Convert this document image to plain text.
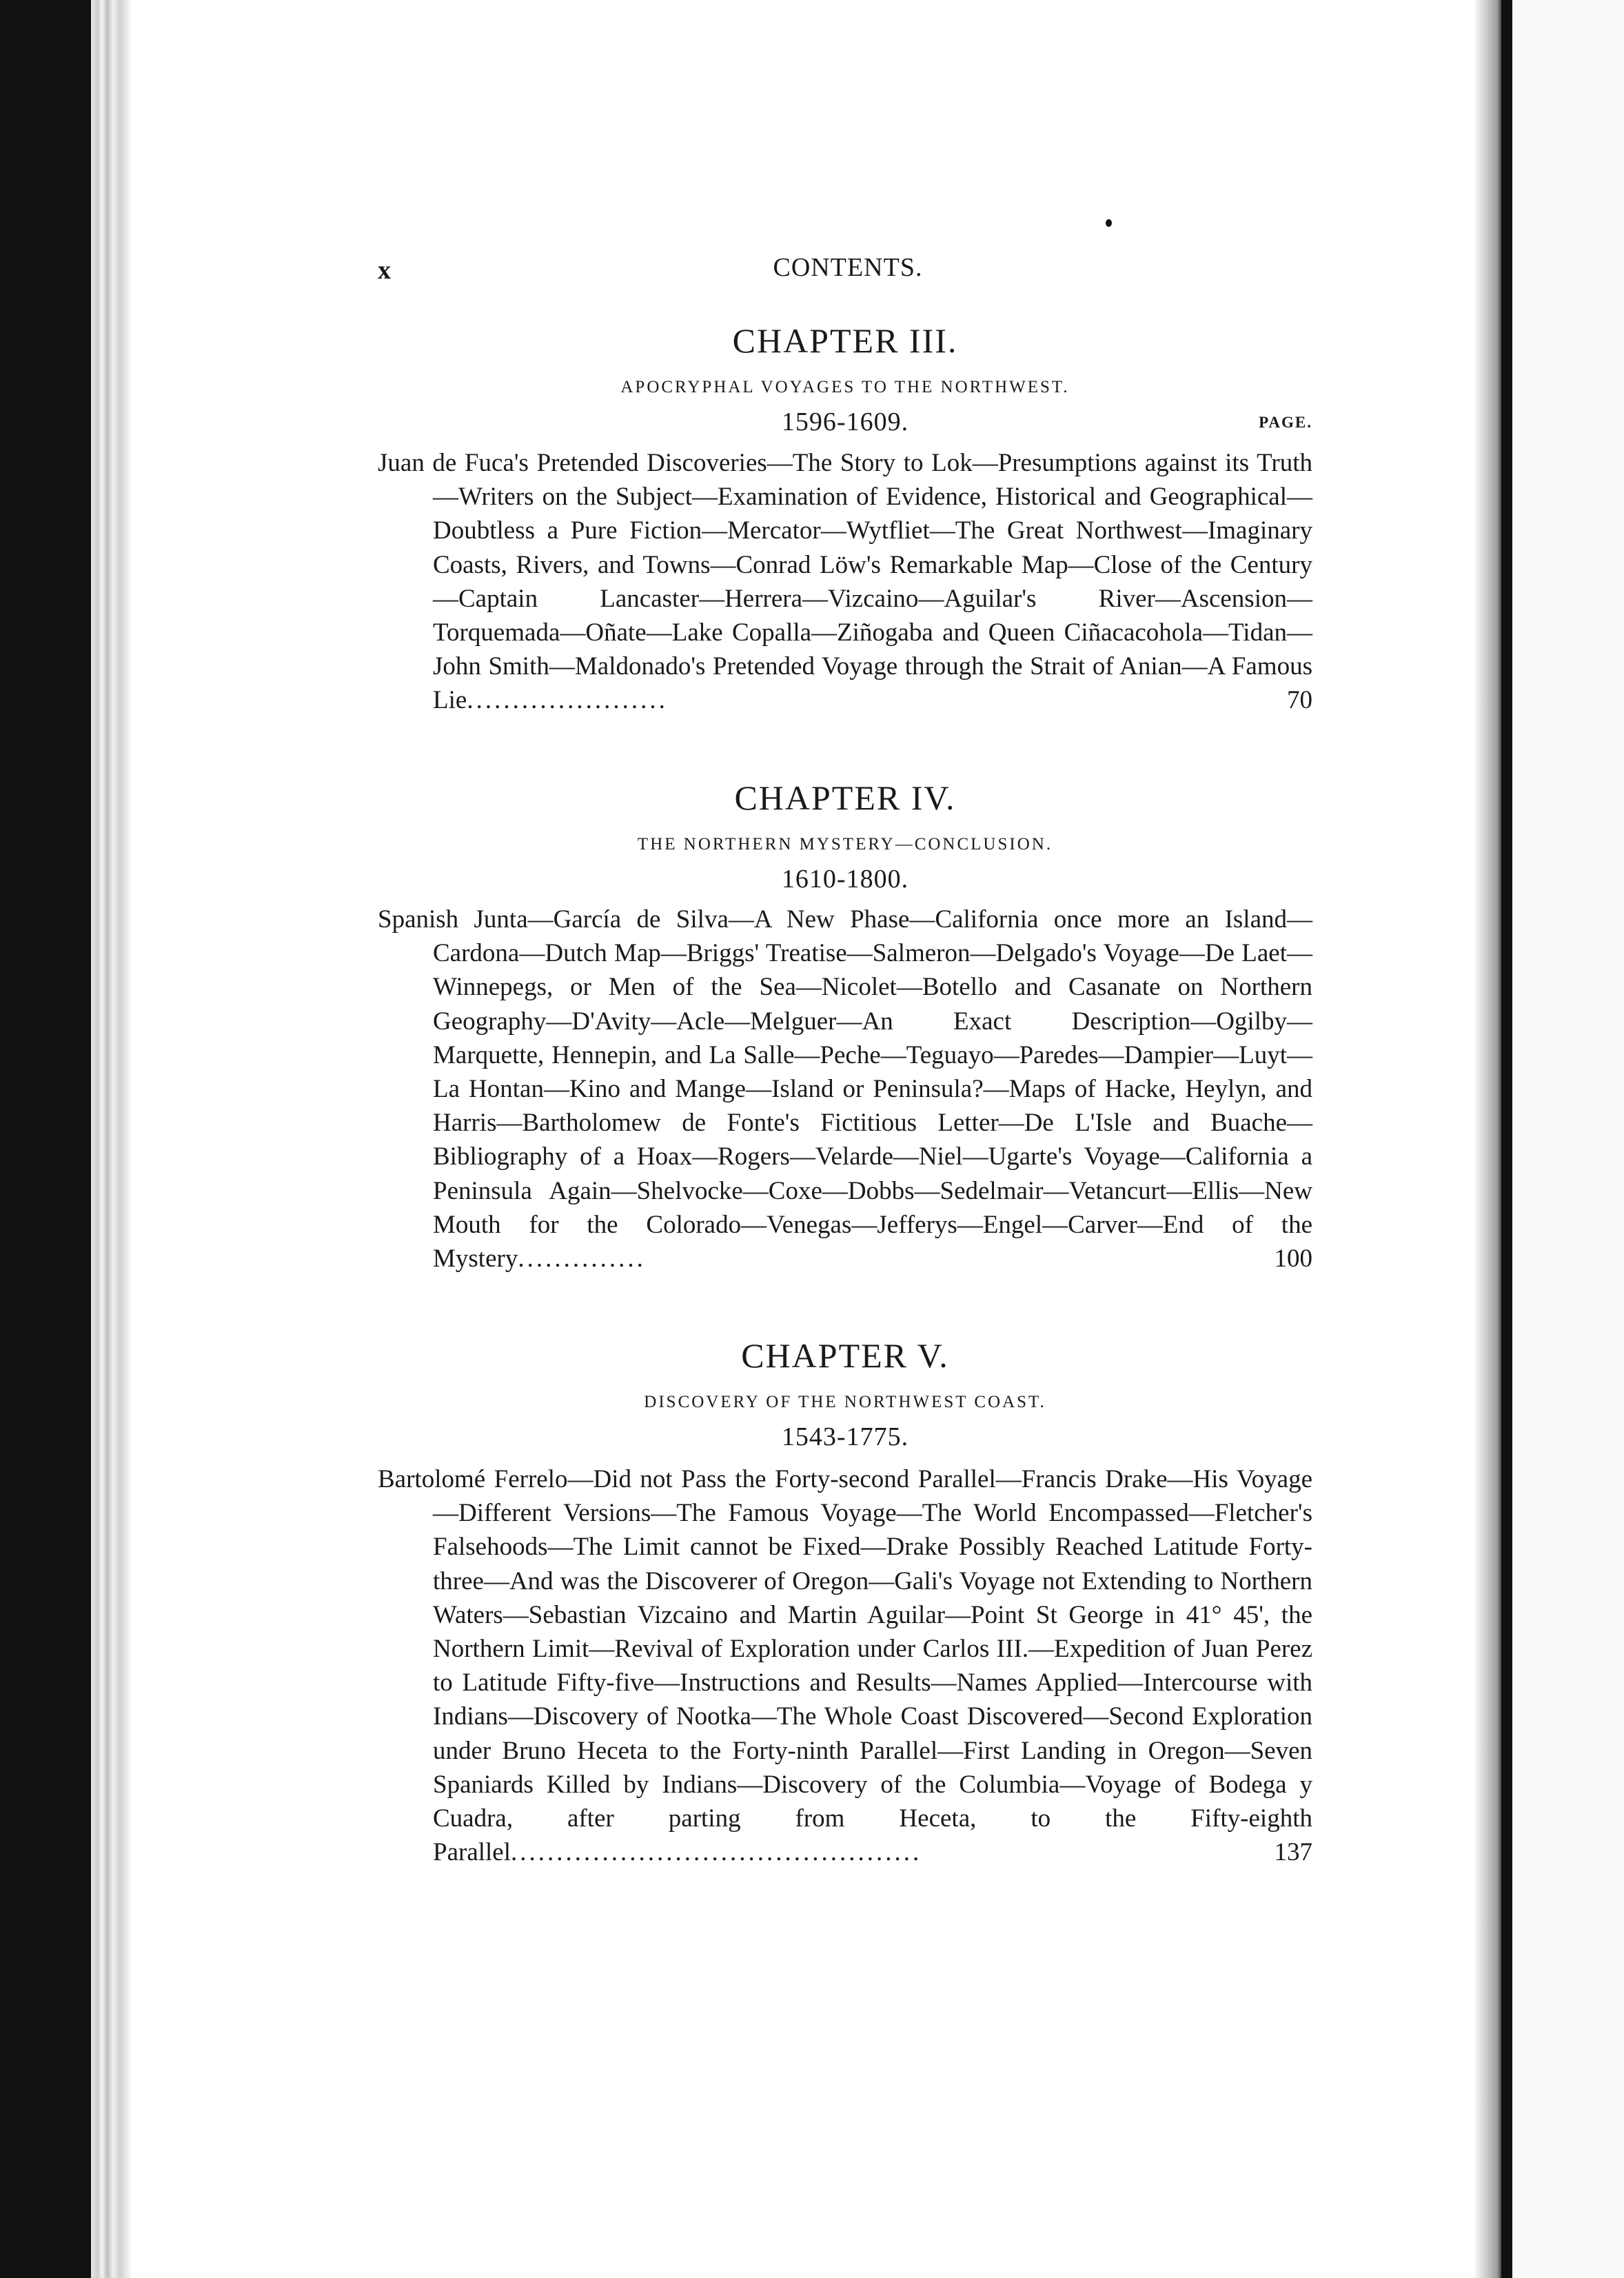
x	CONTENTS.
PAGE.
CHAPTER III.
APOCRYPHAL VOYAGES TO THE NORTHWEST.
1596-1609.

Juan de Fuca's Pretended Discoveries—The Story to Lok—Presumptions against its Truth—Writers on the Subject—Examination of Evidence, Historical and Geographical—Doubtless a Pure Fiction—Mercator—Wytfliet—The Great Northwest—Imaginary Coasts, Rivers, and Towns—Conrad Löw's Remarkable Map—Close of the Century—Captain Lancaster—Herrera—Vizcaino—Aguilar's River—Ascension—Torquemada—Oñate—Lake Copalla—Ziñogaba and Queen Ciñacacohola—Tidan—John Smith—Maldonado's Pretended Voyage through the Strait of Anian—A Famous Lie......................	70
CHAPTER IV.
THE NORTHERN MYSTERY—CONCLUSION.
1610-1800.

Spanish Junta—García de Silva—A New Phase—California once more an Island—Cardona—Dutch Map—Briggs' Treatise—Salmeron—Delgado's Voyage—De Laet—Winnepegs, or Men of the Sea—Nicolet—Botello and Casanate on Northern Geography—D'Avity—Acle—Melguer—An Exact Description—Ogilby—Marquette, Hennepin, and La Salle—Peche—Teguayo—Paredes—Dampier—Luyt—La Hontan—Kino and Mange—Island or Peninsula?—Maps of Hacke, Heylyn, and Harris—Bartholomew de Fonte's Fictitious Letter—De L'Isle and Buache—Bibliography of a Hoax—Rogers—Velarde—Niel—Ugarte's Voyage—California a Peninsula Again—Shelvocke—Coxe—Dobbs—Sedelmair—Vetancurt—Ellis—New Mouth for the Colorado—Venegas—Jefferys—Engel—Carver—End of the Mystery..............	100
CHAPTER V.
DISCOVERY OF THE NORTHWEST COAST.
1543-1775.

Bartolomé Ferrelo—Did not Pass the Forty-second Parallel—Francis Drake—His Voyage—Different Versions—The Famous Voyage—The World Encompassed—Fletcher's Falsehoods—The Limit cannot be Fixed—Drake Possibly Reached Latitude Forty-three—And was the Discoverer of Oregon—Gali's Voyage not Extending to Northern Waters—Sebastian Vizcaino and Martin Aguilar—Point St George in 41° 45', the Northern Limit—Revival of Exploration under Carlos III.—Expedition of Juan Perez to Latitude Fifty-five—Instructions and Results—Names Applied—Intercourse with Indians—Discovery of Nootka—The Whole Coast Discovered—Second Exploration under Bruno Heceta to the Forty-ninth Parallel—First Landing in Oregon—Seven Spaniards Killed by Indians—Discovery of the Columbia—Voyage of Bodega y Cuadra, after parting from Heceta, to the Fifty-eighth Parallel.............................................	137
